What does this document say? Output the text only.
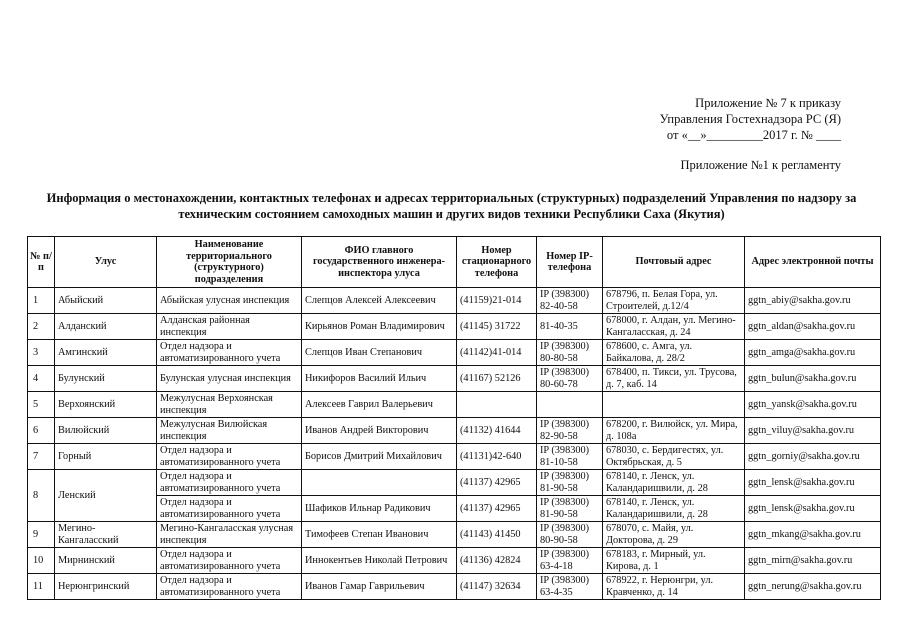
Приложение № 7 к приказу
Управления Гостехнадзора РС (Я)
от «__»_________2017 г. № ____
Приложение №1 к регламенту
Информация о местонахождении, контактных телефонах и адресах территориальных (структурных) подразделений Управления по надзору за техническим состоянием самоходных машин и других видов техники Республики Саха (Якутия)
№ п/п	Улус	Наименование территориального (структурного) подразделения	ФИО главного государственного инженера-инспектора улуса	Номер стационарного телефона	Номер IP-телефона	Почтовый адрес	Адрес электронной почты
1	Абыйский	Абыйская улусная инспекция	Слепцов Алексей Алексеевич	(41159)21-014	IP (398300) 82-40-58	678796, п. Белая Гора, ул. Строителей, д.12/4	ggtn_abiy@sakha.gov.ru
2	Алданский	Алданская районная инспекция	Кирьянов Роман Владимирович	(41145) 31722	81-40-35	678000, г. Алдан, ул. Мегино-Кангаласская, д. 24	ggtn_aldan@sakha.gov.ru
3	Амгинский	Отдел надзора и автоматизированного учета	Слепцов Иван Степанович	(41142)41-014	IP (398300) 80-80-58	678600, с. Амга, ул. Байкалова, д. 28/2	ggtn_amga@sakha.gov.ru
4	Булунский	Булунская улусная инспекция	Никифоров Василий Ильич	(41167) 52126	IP (398300) 80-60-78	678400, п. Тикси, ул. Трусова, д. 7, каб. 14	ggtn_bulun@sakha.gov.ru
5	Верхоянский	Межулусная Верхоянская инспекция	Алексеев Гаврил Валерьевич				ggtn_yansk@sakha.gov.ru
6	Вилюйский	Межулусная Вилюйская инспекция	Иванов Андрей Викторович	(41132) 41644	IP (398300) 82-90-58	678200, г. Вилюйск, ул. Мира, д. 108а	ggtn_viluy@sakha.gov.ru
7	Горный	Отдел надзора и автоматизированного учета	Борисов Дмитрий Михайлович	(41131)42-640	IP (398300) 81-10-58	678030, с. Бердигестях, ул. Октябрьская, д. 5	ggtn_gorniy@sakha.gov.ru
8	Ленский	Отдел надзора и автоматизированного учета		(41137) 42965	IP (398300) 81-90-58	678140, г. Ленск, ул. Каландаришвили, д. 28	ggtn_lensk@sakha.gov.ru
		Отдел надзора и автоматизированного учета	Шафиков Ильнар Радикович	(41137) 42965	IP (398300) 81-90-58	678140, г. Ленск, ул. Каландаришвили, д. 28	ggtn_lensk@sakha.gov.ru
9	Мегино-Кангаласский	Мегино-Кангаласская улусная инспекция	Тимофеев Степан Иванович	(41143) 41450	IP (398300) 80-90-58	678070, с. Майя, ул. Докторова, д. 29	ggtn_mkang@sakha.gov.ru
10	Мирнинский	Отдел надзора и автоматизированного учета	Иннокентьев Николай Петрович	(41136) 42824	IP (398300) 63-4-18	678183, г. Мирный, ул. Кирова, д. 1	ggtn_mirn@sakha.gov.ru
11	Нерюнгринский	Отдел надзора и автоматизированного учета	Иванов Гамар Гаврильевич	(41147) 32634	IP (398300) 63-4-35	678922, г. Нерюнгри, ул. Кравченко, д. 14	ggtn_nerung@sakha.gov.ru
